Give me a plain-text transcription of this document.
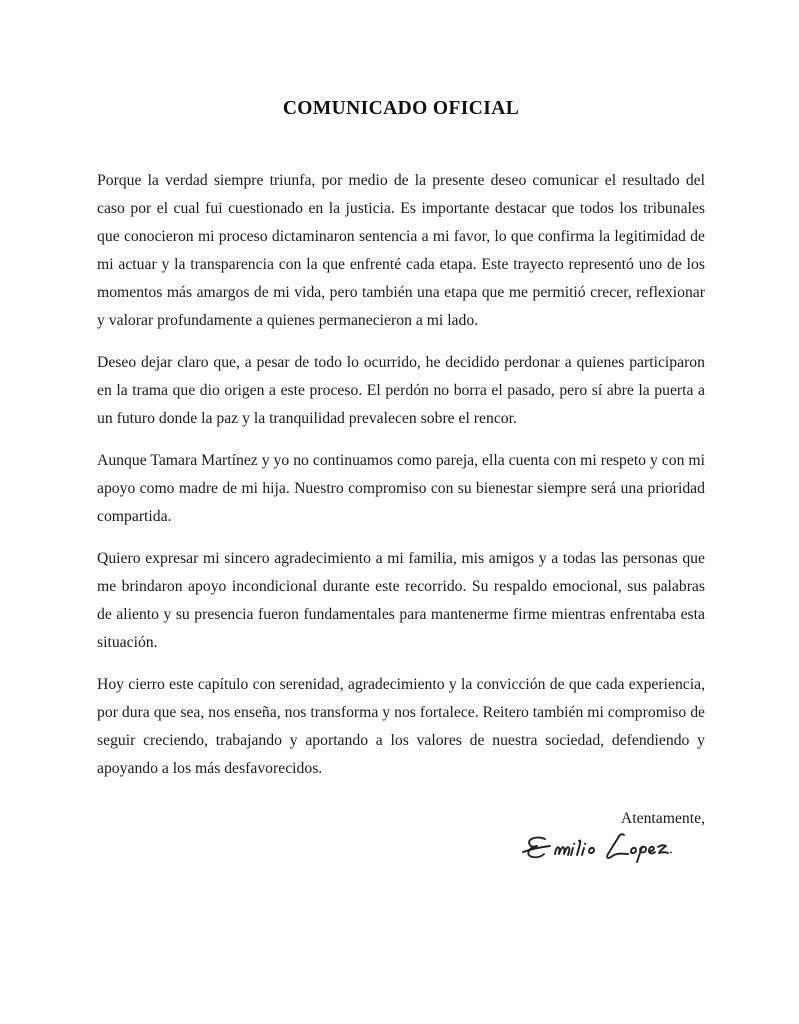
COMUNICADO OFICIAL

Porque la verdad siempre triunfa, por medio de la presente deseo comunicar el resultado del caso por el cual fui cuestionado en la justicia. Es importante destacar que todos los tribunales que conocieron mi proceso dictaminaron sentencia a mi favor, lo que confirma la legitimidad de mi actuar y la transparencia con la que enfrenté cada etapa. Este trayecto representó uno de los momentos más amargos de mi vida, pero también una etapa que me permitió crecer, reflexionar y valorar profundamente a quienes permanecieron a mi lado.

Deseo dejar claro que, a pesar de todo lo ocurrido, he decidido perdonar a quienes participaron en la trama que dio origen a este proceso. El perdón no borra el pasado, pero sí abre la puerta a un futuro donde la paz y la tranquilidad prevalecen sobre el rencor.

Aunque Tamara Martínez y yo no continuamos como pareja, ella cuenta con mi respeto y con mi apoyo como madre de mi hija. Nuestro compromiso con su bienestar siempre será una prioridad compartida.

Quiero expresar mi sincero agradecimiento a mi familia, mis amigos y a todas las personas que me brindaron apoyo incondicional durante este recorrido. Su respaldo emocional, sus palabras de aliento y su presencia fueron fundamentales para mantenerme firme mientras enfrentaba esta situación.

Hoy cierro este capítulo con serenidad, agradecimiento y la convicción de que cada experiencia, por dura que sea, nos enseña, nos transforma y nos fortalece. Reitero también mi compromiso de seguir creciendo, trabajando y aportando a los valores de nuestra sociedad, defendiendo y apoyando a los más desfavorecidos.

Atentamente,
